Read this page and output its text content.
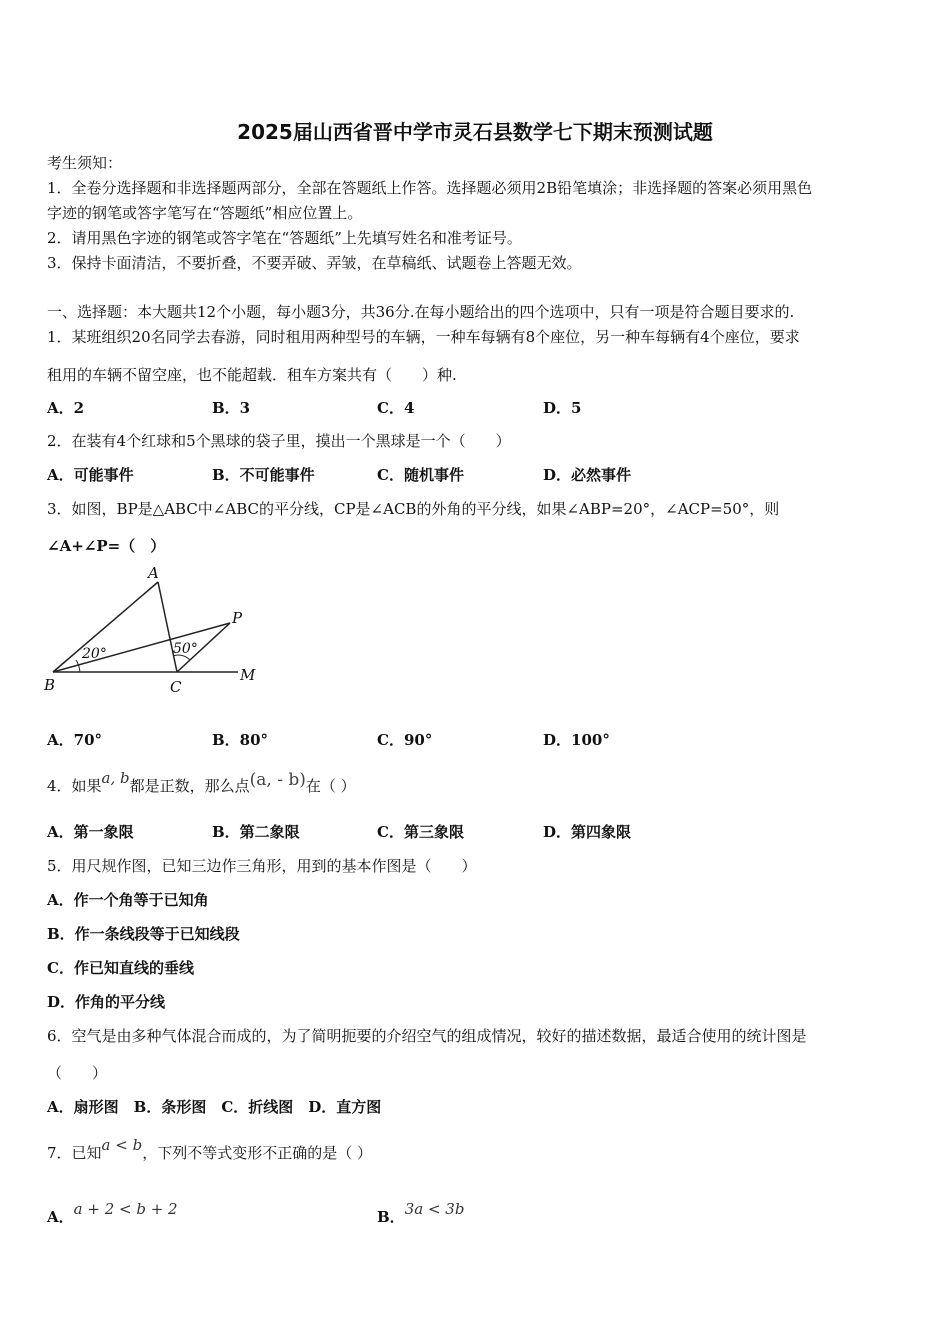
2025届山西省晋中学市灵石县数学七下期末预测试题
考生须知：
1．全卷分选择题和非选择题两部分，全部在答题纸上作答。选择题必须用2B铅笔填涂；非选择题的答案必须用黑色
字迹的钢笔或答字笔写在“答题纸”相应位置上。
2．请用黑色字迹的钢笔或答字笔在“答题纸”上先填写姓名和准考证号。
3．保持卡面清洁，不要折叠，不要弄破、弄皱，在草稿纸、试题卷上答题无效。
一、选择题：本大题共12个小题，每小题3分，共36分.在每小题给出的四个选项中，只有一项是符合题目要求的.
1．某班组织20名同学去春游，同时租用两种型号的车辆，一种车每辆有8个座位，另一种车每辆有4个座位，要求
租用的车辆不留空座，也不能超载．租车方案共有（　　）种.
A．2	B．3	C．4	D．5
2．在装有4个红球和5个黑球的袋子里，摸出一个黑球是一个（　　）
A．可能事件	B．不可能事件	C．随机事件	D．必然事件
3．如图，BP是△ABC中∠ABC的平分线，CP是∠ACB的外角的平分线，如果∠ABP=20°，∠ACP=50°，则
∠A+∠P=（　）
A
B	C
P
M
20°	50°
A．70°	B．80°	C．90°	D．100°
4．如果a, b都是正数，那么点(a, - b)在（ ）
A．第一象限	B．第二象限	C．第三象限	D．第四象限
5．用尺规作图，已知三边作三角形，用到的基本作图是（　　）
A．作一个角等于已知角
B．作一条线段等于已知线段
C．作已知直线的垂线
D．作角的平分线
6．空气是由多种气体混合而成的，为了简明扼要的介绍空气的组成情况，较好的描述数据，最适合使用的统计图是
（　　）
A．扇形图　B．条形图　C．折线图　D．直方图
7．已知a < b，下列不等式变形不正确的是（ ）
A．a + 2 < b + 2	B．3a < 3b
